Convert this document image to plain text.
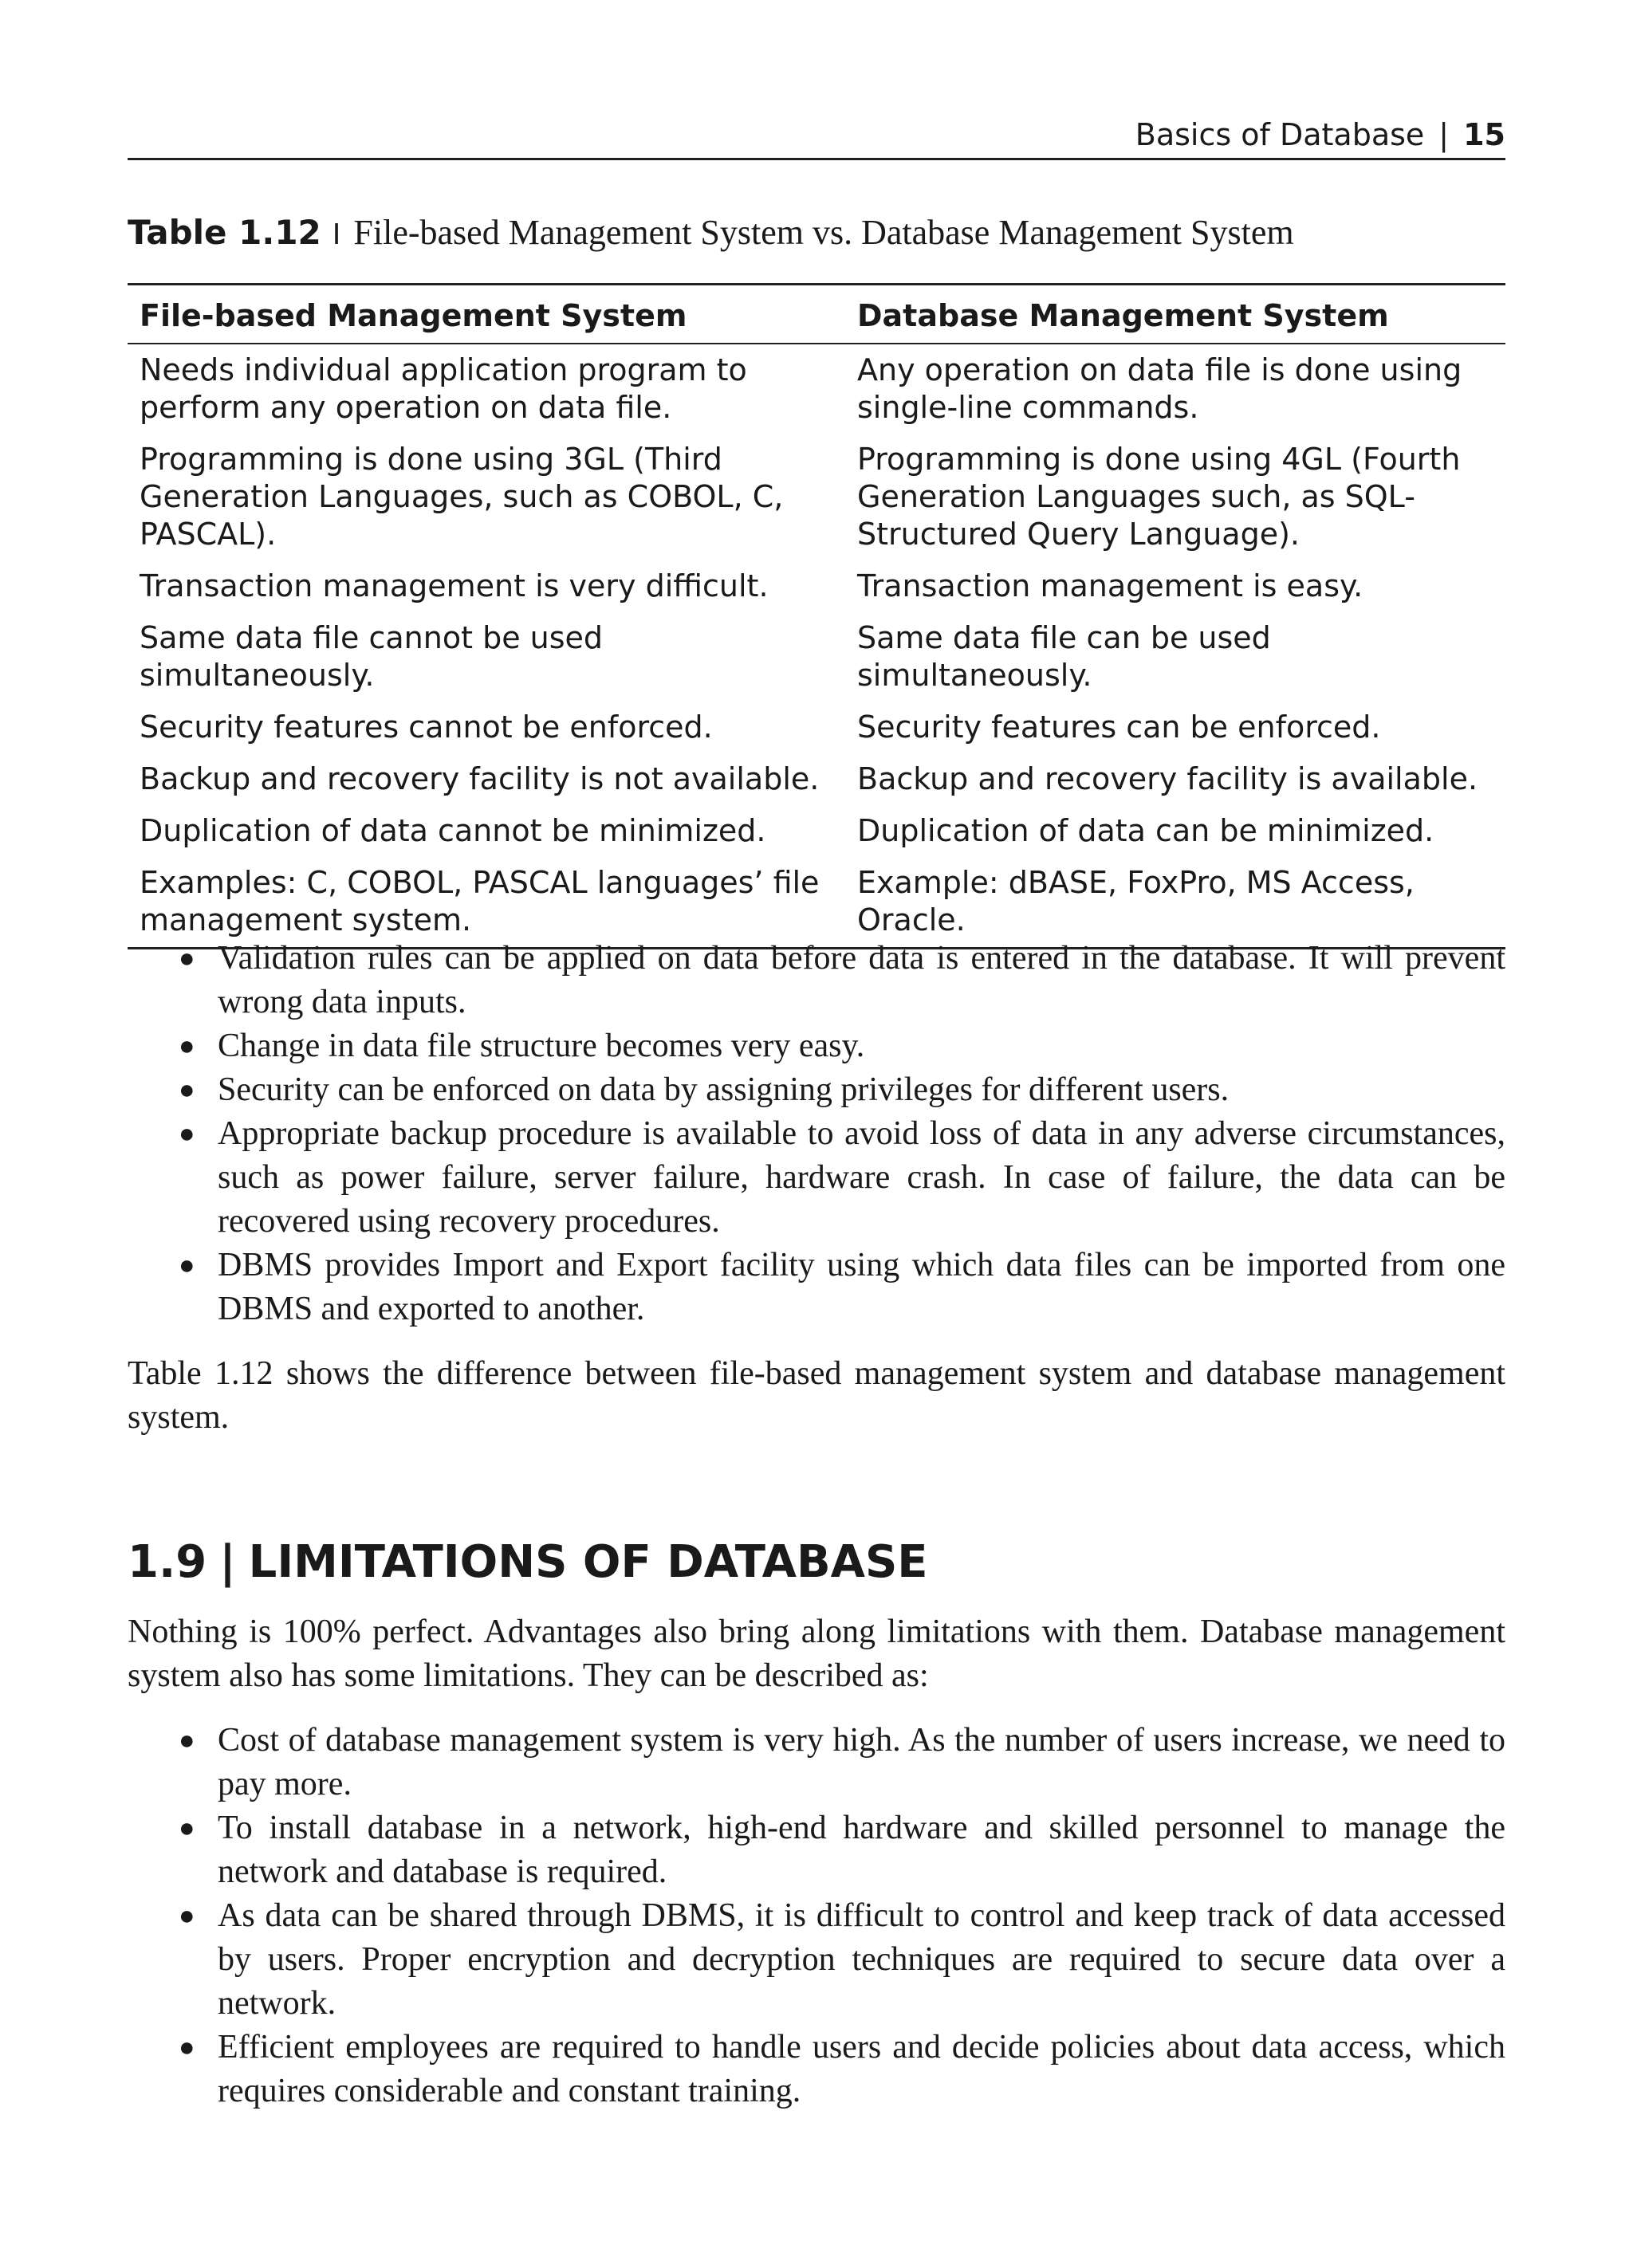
Basics of Database | 15
Table 1.12 I File-based Management System vs. Database Management System
File-based Management System	Database Management System
Needs individual application program to perform any operation on data file.	Any operation on data file is done using single-line commands.
Programming is done using 3GL (Third Generation Languages, such as COBOL, C, PASCAL).	Programming is done using 4GL (Fourth Generation Languages such, as SQL-Structured Query Language).
Transaction management is very difficult.	Transaction management is easy.
Same data file cannot be used simultaneously.	Same data file can be used simultaneously.
Security features cannot be enforced.	Security features can be enforced.
Backup and recovery facility is not available.	Backup and recovery facility is available.
Duplication of data cannot be minimized.	Duplication of data can be minimized.
Examples: C, COBOL, PASCAL languages’ file management system.	Example: dBASE, FoxPro, MS Access, Oracle.
● Validation rules can be applied on data before data is entered in the database. It will prevent wrong data inputs.
● Change in data file structure becomes very easy.
● Security can be enforced on data by assigning privileges for different users.
● Appropriate backup procedure is available to avoid loss of data in any adverse circumstances, such as power failure, server failure, hardware crash. In case of failure, the data can be recovered using recovery procedures.
● DBMS provides Import and Export facility using which data files can be imported from one DBMS and exported to another.

Table 1.12 shows the difference between file-based management system and database management system.

1.9 | LIMITATIONS OF DATABASE

Nothing is 100% perfect. Advantages also bring along limitations with them. Database management system also has some limitations. They can be described as:

● Cost of database management system is very high. As the number of users increase, we need to pay more.
● To install database in a network, high-end hardware and skilled personnel to manage the network and database is required.
● As data can be shared through DBMS, it is difficult to control and keep track of data accessed by users. Proper encryption and decryption techniques are required to secure data over a network.
● Efficient employees are required to handle users and decide policies about data access, which requires considerable and constant training.
